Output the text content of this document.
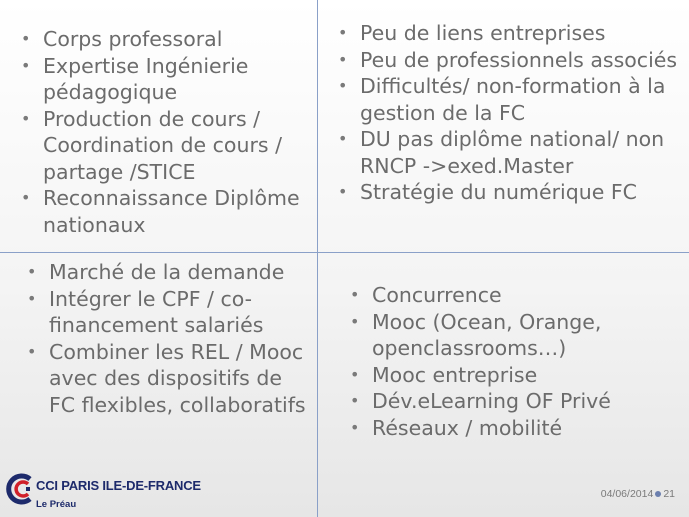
• Corps professoral
• Expertise Ingénierie pédagogique
• Production de cours / Coordination de cours / partage /STICE
• Reconnaissance Diplôme nationaux
• Peu de liens entreprises
• Peu de professionnels associés
• Difficultés/ non-formation à la gestion de la FC
• DU pas diplôme national/ non RNCP ->exed.Master
• Stratégie du numérique FC
• Marché de la demande
• Intégrer le CPF / co-financement salariés
• Combiner les REL / Mooc avec des dispositifs de FC flexibles, collaboratifs
• Concurrence
• Mooc (Ocean, Orange, openclassrooms…)
• Mooc entreprise
• Dév.eLearning OF Privé
• Réseaux / mobilité
CCI PARIS ILE-DE-FRANCE
Le Préau
04/06/2014 21
